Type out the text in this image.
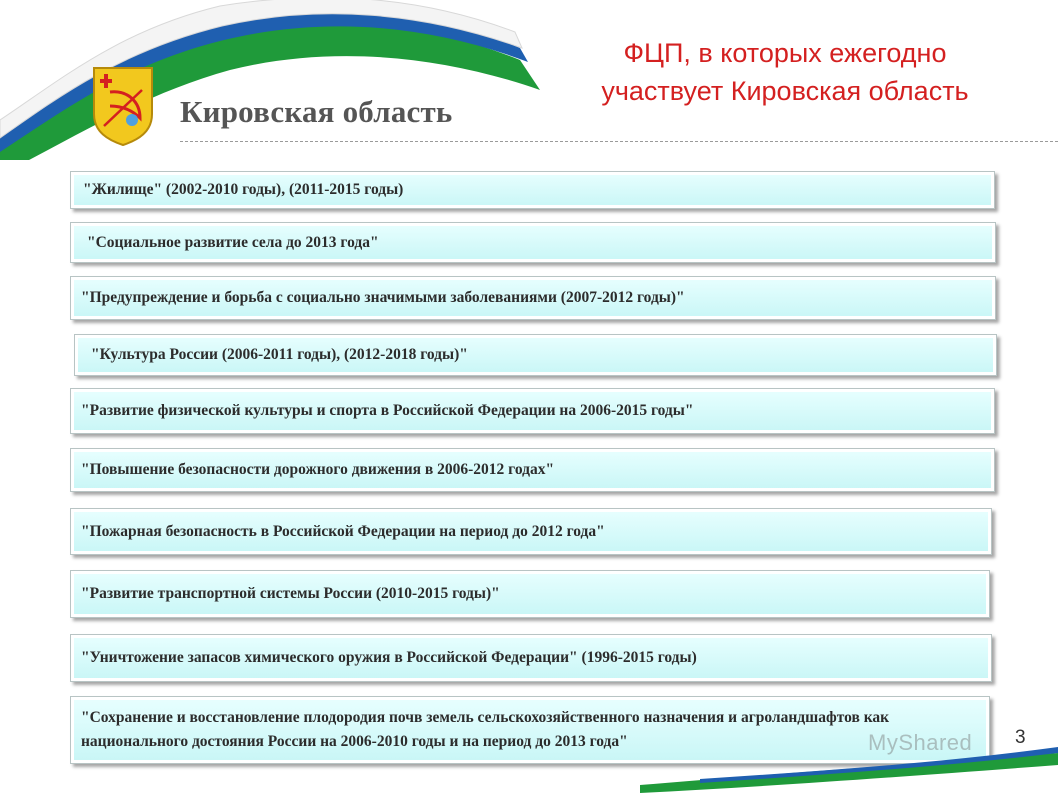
Кировская область
ФЦП, в которых ежегодно
участвует Кировская область
"Жилище" (2002-2010 годы), (2011-2015 годы)
"Социальное развитие села до 2013 года"
"Предупреждение и борьба с социально значимыми заболеваниями (2007-2012 годы)"
"Культура России (2006-2011 годы), (2012-2018 годы)"
"Развитие физической культуры и спорта в Российской Федерации на 2006-2015 годы"
"Повышение безопасности дорожного движения в 2006-2012 годах"
"Пожарная безопасность в Российской Федерации на период до 2012 года"
"Развитие транспортной системы России (2010-2015 годы)"
"Уничтожение запасов химического оружия в Российской Федерации" (1996-2015 годы)
"Сохранение и восстановление плодородия почв земель сельскохозяйственного назначения и агроландшафтов как национального достояния России на 2006-2010 годы и на период до 2013 года"	MyShared 3
